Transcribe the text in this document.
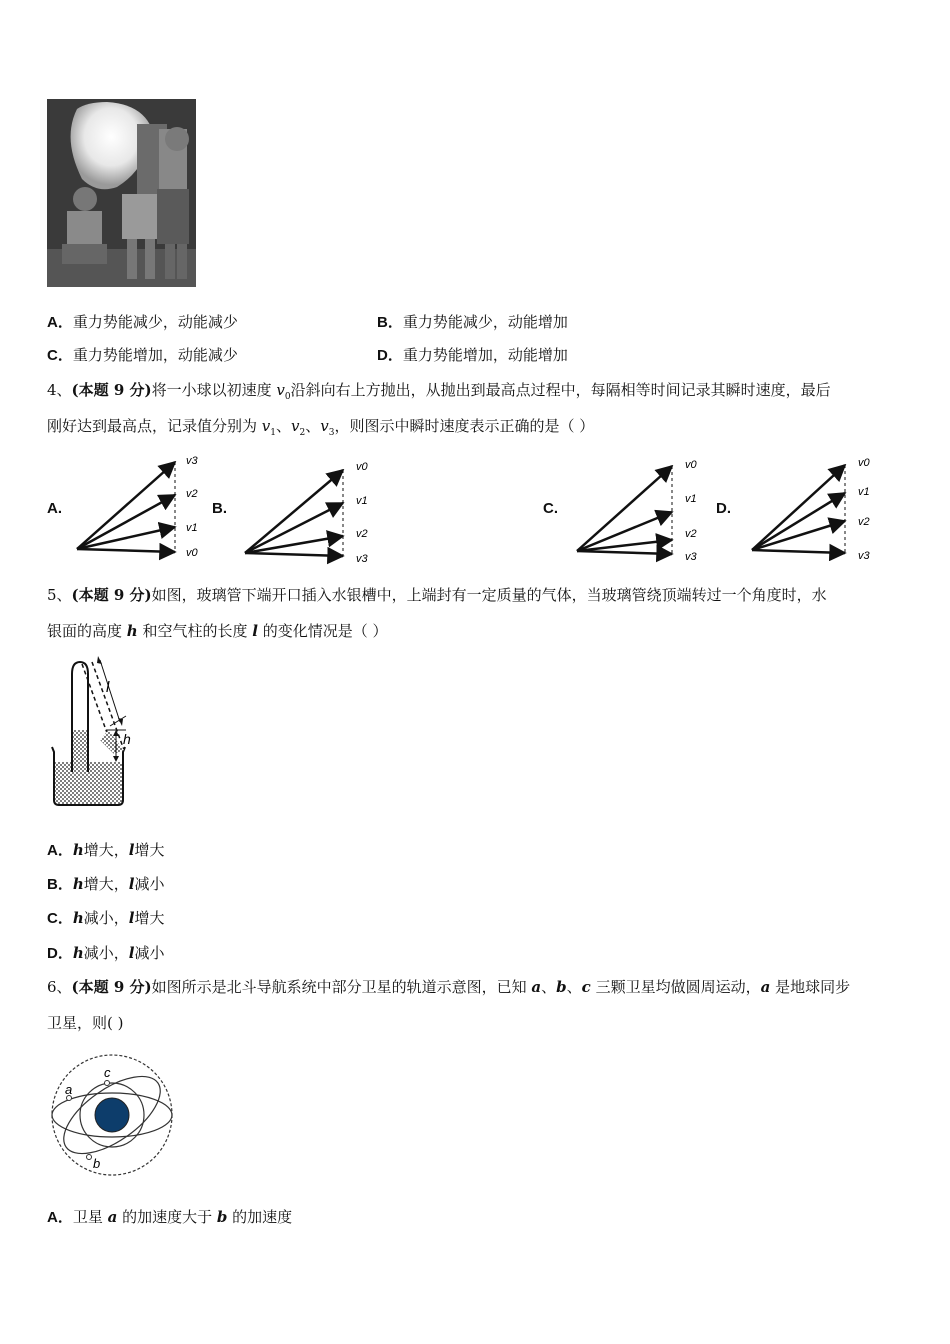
A．重力势能减少，动能减少	B．重力势能减少，动能增加
C．重力势能增加，动能减少	D．重力势能增加，动能增加
4、(本题 9 分)将一小球以初速度 $v_0$沿斜向右上方抛出，从抛出到最高点过程中，每隔相等时间记录其瞬时速度，最后
刚好达到最高点，记录值分别为 $v_1$、$v_2$、$v_3$，则图示中瞬时速度表示正确的是（ ）
A.	B.	C.	D.
v3
v2
v1
v0
v0
v1
v2
v3
v0
v1
v2
v3
v0
v1
v2
v3
5、(本题 9 分)如图，玻璃管下端开口插入水银槽中，上端封有一定质量的气体，当玻璃管绕顶端转过一个角度时，水
银面的高度 h 和空气柱的长度 l 的变化情况是（ ）
l
h
A．h增大，l增大
B．h增大，l减小
C．h减小，l增大
D．h减小，l减小
6、(本题 9 分)如图所示是北斗导航系统中部分卫星的轨道示意图，已知 a、b、c 三颗卫星均做圆周运动，a 是地球同步
卫星，则( )
c
a
b
A．卫星 a 的加速度大于 b 的加速度
